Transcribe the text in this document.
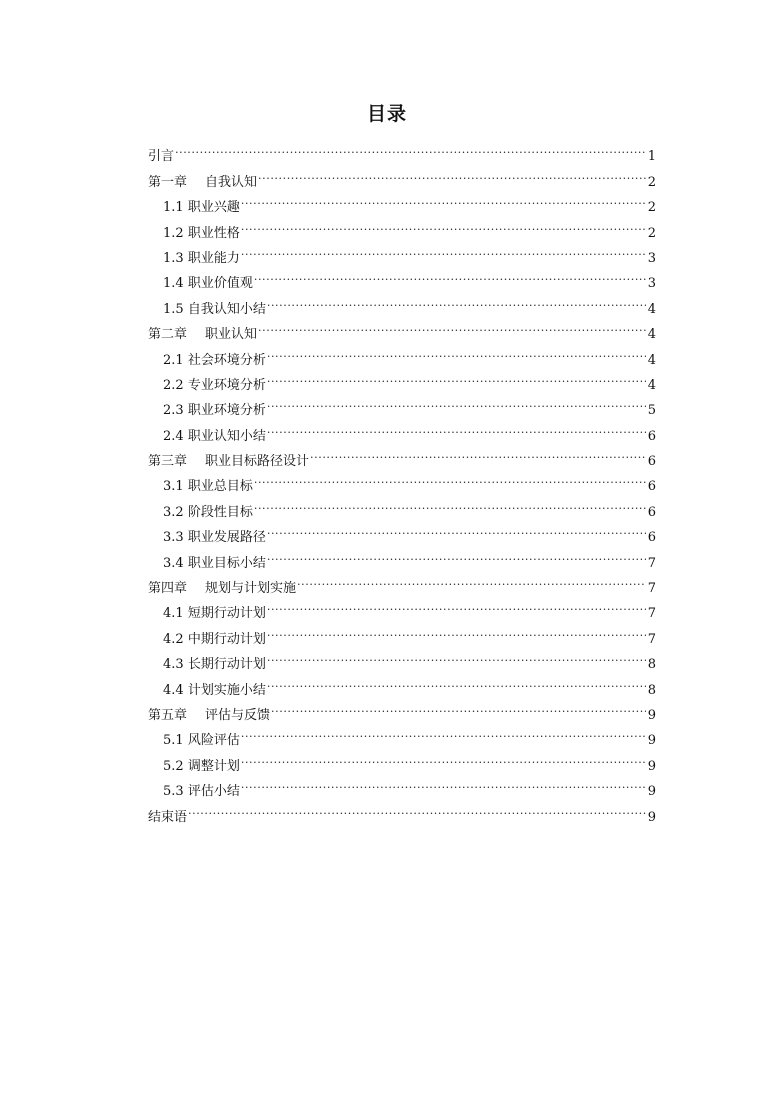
目录
引言 .....	1
第一章 自我认知 .....	2
1.1 职业兴趣 .....	2
1.2 职业性格 .....	2
1.3 职业能力 .....	3
1.4 职业价值观 .....	3
1.5 自我认知小结 .....	4
第二章 职业认知 .....	4
2.1 社会环境分析 .....	4
2.2 专业环境分析 .....	4
2.3 职业环境分析 .....	5
2.4 职业认知小结 .....	6
第三章 职业目标路径设计 .....	6
3.1 职业总目标 .....	6
3.2 阶段性目标 .....	6
3.3 职业发展路径 .....	6
3.4 职业目标小结 .....	7
第四章 规划与计划实施 .....	7
4.1 短期行动计划 .....	7
4.2 中期行动计划 .....	7
4.3 长期行动计划 .....	8
4.4 计划实施小结 .....	8
第五章 评估与反馈 .....	9
5.1 风险评估 .....	9
5.2 调整计划 .....	9
5.3 评估小结 .....	9
结束语 .....	9
